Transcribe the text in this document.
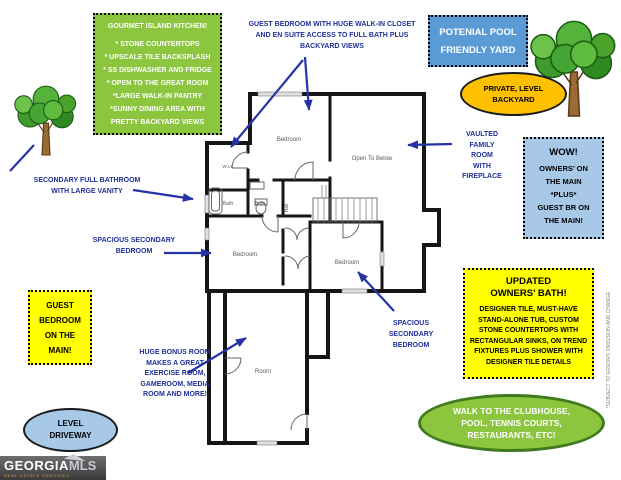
Bedroom
Open To Below
W.I.C
Bath	Bath	Hall
Bedroom
Bedroom
Room
GOURMET ISLAND KITCHEN!
* STONE COUNTERTOPS
* UPSCALE TILE BACKSPLASH
* SS DISHWASHER AND FRIDGE
* OPEN TO THE GREAT ROOM
*LARGE WALK-IN PANTRY
*SUNNY DINING AREA WITH
PRETTY BACKYARD VIEWS
GUEST BEDROOM WITH HUGE WALK-IN CLOSET
AND EN SUITE ACCESS TO FULL BATH PLUS
BACKYARD VIEWS
POTENIAL POOL
FRIENDLY YARD
PRIVATE, LEVEL
BACKYARD
VAULTED
FAMILY
ROOM
WITH
FIREPLACE
WOW!
OWNERS’ ON
THE MAIN
*PLUS*
GUEST BR ON
THE MAIN!
SECONDARY FULL BATHROOM
WITH LARGE VANITY
SPACIOUS SECONDARY
BEDROOM
GUEST
BEDROOM
ON THE
MAIN!
LEVEL
DRIVEWAY
HUGE BONUS ROOM
MAKES A GREAT
EXERCISE ROOM,
GAMEROOM, MEDIA
ROOM AND MORE!
SPACIOUS
SECONDARY
BEDROOM
UPDATED
OWNERS’ BATH!
DESIGNER TILE, MUST-HAVE
STAND-ALONE TUB, CUSTOM
STONE COUNTERTOPS WITH
RECTANGULAR SINKS, ON TREND
FIXTURES PLUS SHOWER WITH
DESIGNER TILE DETAILS
WALK TO THE CLUBHOUSE,
POOL, TENNIS COURTS,
RESTAURANTS, ETC!
*SUBJECT TO ERRORS OMISSION AND CHANGE
GEORGIA MLS
REAL ESTATE SERVICES
